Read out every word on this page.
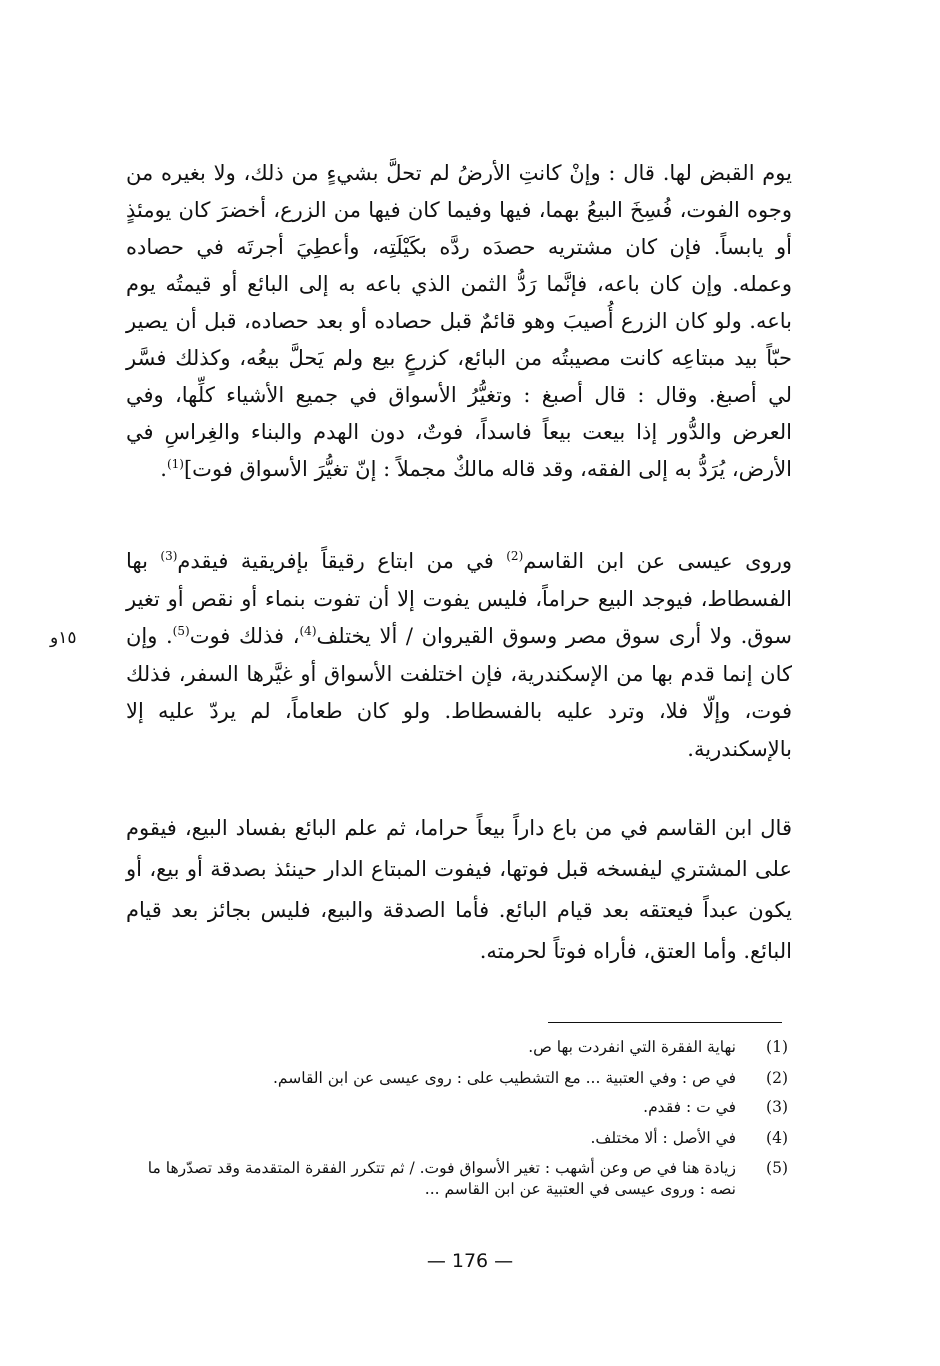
يوم القبض لها. قال : وإنْ كانتِ الأرضُ لم تحلَّ بشيءٍ من ذلك، ولا بغيره من وجوه الفوت، فُسِخَ البيعُ بهما، فيها وفيما كان فيها من الزرع، أخضرَ كان يومئذٍ أو يابساً. فإن كان مشتريه حصدَه ردَّه بكَيْلَتِه، وأعطِيَ أجرتَه في حصاده وعمله. وإن كان باعه، فإنَّما رَدُّ الثمن الذي باعه به إلى البائع أو قيمتُه يوم باعه. ولو كان الزرع أُصيبَ وهو قائمٌ قبل حصاده أو بعد حصاده، قبل أن يصير حبّاً بيد مبتاعِه كانت مصيبتُه من البائع، كزرعٍ بيع ولم يَحلَّ بيعُه، وكذلك فسَّر لي أصبغ. وقال : قال أصبغ : وتغيُّرُ الأسواق في جميع الأشياء كلِّها، وفي العرض والدُّور إذا بيعت بيعاً فاسداً، فوتٌ، دون الهدم والبناء والغِراسِ في الأرض، يُرَدُّ به إلى الفقه، وقد قاله مالكٌ مجملاً : إنّ تغيُّرَ الأسواق فوت]$^{(1)}$.
وروى عيسى عن ابن القاسم$^{(2)}$ في من ابتاع رقيقاً بإفريقية فيقدم$^{(3)}$ بها الفسطاط، فيوجد البيع حراماً، فليس يفوت إلا أن تفوت بنماء أو نقص أو تغير سوق. ولا أرى سوق مصر وسوق القيروان / ألا يختلف$^{(4)}$، فذلك فوت$^{(5)}$. وإن كان إنما قدم بها من الإسكندرية، فإن اختلفت الأسواق أو غيَّرها السفر، فذلك فوت، وإلّا فلا، وترد عليه بالفسطاط. ولو كان طعاماً، لم يردّ عليه إلا بالإسكندرية.
١٥و
قال ابن القاسم في من باع داراً بيعاً حراما، ثم علم البائع بفساد البيع، فيقوم على المشتري ليفسخه قبل فوتها، فيفوت المبتاع الدار حينئذ بصدقة أو بيع، أو يكون عبداً فيعتقه بعد قيام البائع. فأما الصدقة والبيع، فليس بجائز بعد قيام البائع. وأما العتق، فأراه فوتاً لحرمته.
(1)
نهاية الفقرة التي انفردت بها ص.
(2)
في ص : وفي العتبية ... مع التشطيب على : روى عيسى عن ابن القاسم.
(3)
في ت : فقدم.
(4)
في الأصل : ألا مختلف.
(5)
زيادة هنا في ص وعن أشهب : تغير الأسواق فوت. / ثم تتكرر الفقرة المتقدمة وقد تصدّرها ما نصه : وروى عيسى في العتبية عن ابن القاسم ...
— 176 —
